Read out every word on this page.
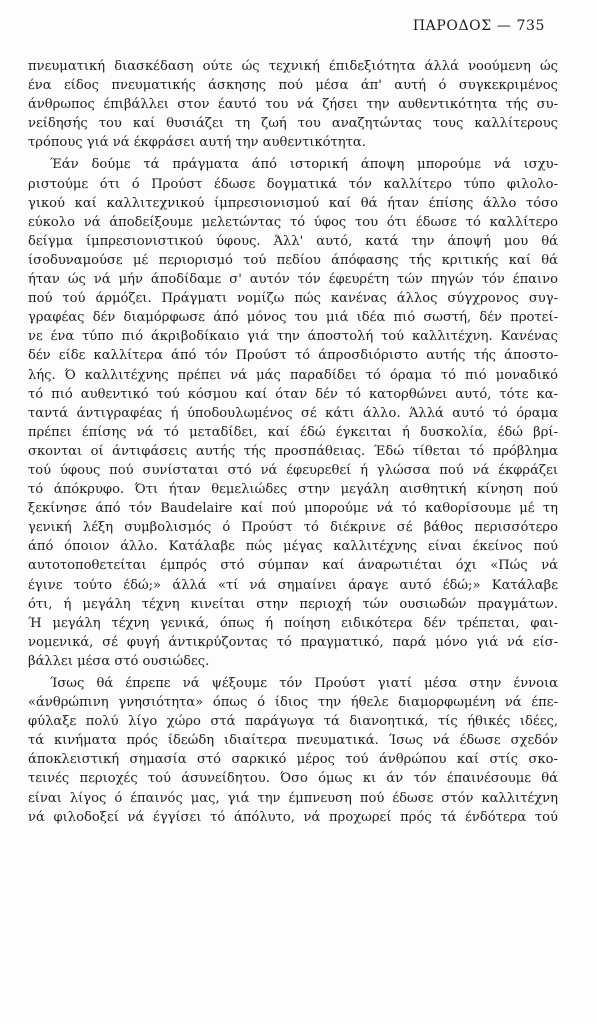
ΠΑΡΟΔΟΣ — 735
πνευματική διασκέδαση ούτε ώς τεχνική έπιδεξιότητα άλλά νοούμενη ώς
ένα είδος πνευματικής άσκησης πού μέσα άπ' αυτή ό συγκεκριμένος
άνθρωπος έπιβάλλει στον έαυτό του νά ζήσει την αυθεντικότητα τής συ-
νείδησής του καί θυσιάζει τη ζωή του αναζητώντας τους καλλίτερους
τρόπους γιά νά έκφράσει αυτή την αυθεντικότητα.
Έάν δούμε τά πράγματα άπό ιστορική άποψη μπορούμε νά ισχυ-
ριστούμε ότι ό Προύστ έδωσε δογματικά τόν καλλίτερο τύπο φιλολο-
γικού καί καλλιτεχνικού ίμπρεσιονισμού καί θά ήταν έπίσης άλλο τόσο
εύκολο νά άποδείξουμε μελετώντας τό ύφος του ότι έδωσε τό καλλίτερο
δείγμα ίμπρεσιονιστικού ύφους. Άλλ' αυτό, κατά την άποψή μου θά
ίσοδυναμούσε μέ περιορισμό τού πεδίου άπόφασης τής κριτικής καί θά
ήταν ώς νά μήν άποδίδαμε σ' αυτόν τόν έφευρέτη τών πηγών τόν έπαινο
πού τού άρμόζει. Πράγματι νομίζω πώς κανένας άλλος σύγχρονος συγ-
γραφέας δέν διαμόρφωσε άπό μόνος του μιά ιδέα πιό σωστή, δέν προτεί-
νε ένα τύπο πιό άκριβοδίκαιο γιά την άποστολή τού καλλιτέχνη. Κανένας
δέν είδε καλλίτερα άπό τόν Προύστ τό άπροσδιόριστο αυτής τής άποστο-
λής. Ό καλλιτέχνης πρέπει νά μάς παραδίδει τό όραμα τό πιό μοναδικό
τό πιό αυθεντικό τού κόσμου καί όταν δέν τό κατορθώνει αυτό, τότε κα-
ταντά άντιγραφέας ή ύποδουλωμένος σέ κάτι άλλο. Άλλά αυτό τό όραμα
πρέπει έπίσης νά τό μεταδίδει, καί έδώ έγκειται ή δυσκολία, έδώ βρί-
σκονται οί άντιφάσεις αυτής τής προσπάθειας. Έδώ τίθεται τό πρόβλημα
τού ύφους πού συνίσταται στό νά έφευρεθεί ή γλώσσα πού νά έκφράζει
τό άπόκρυφο. Ότι ήταν θεμελιώδες στην μεγάλη αισθητική κίνηση πού
ξεκίνησε άπό τόν Baudelaire καί πού μπορούμε νά τό καθορίσουμε μέ τη
γενική λέξη συμβολισμός ό Προύστ τό διέκρινε σέ βάθος περισσότερο
άπό όποιον άλλο. Κατάλαβε πώς μέγας καλλιτέχνης είναι έκείνος πού
αυτοτοποθετείται έμπρός στό σύμπαν καί άναρωτιέται όχι «Πώς νά
έγινε τούτο έδώ;» άλλά «τί νά σημαίνει άραγε αυτό έδώ;» Κατάλαβε
ότι, ή μεγάλη τέχνη κινείται στην περιοχή τών ουσιωδών πραγμάτων.
Ή μεγάλη τέχνη γενικά, όπως ή ποίηση ειδικότερα δέν τρέπεται, φαι-
νομενικά, σέ φυγή άντικρύζοντας τό πραγματικό, παρά μόνο γιά νά είσ-
βάλλει μέσα στό ουσιώδες.
Ίσως θά έπρεπε νά ψέξουμε τόν Προύστ γιατί μέσα στην έννοια
«άνθρώπινη γνησιότητα» όπως ό ίδιος την ήθελε διαμορφωμένη νά έπε-
φύλαξε πολύ λίγο χώρο στά παράγωγα τά διανοητικά, τίς ήθικές ιδέες,
τά κινήματα πρός ίδεώδη ιδιαίτερα πνευματικά. Ίσως νά έδωσε σχεδόν
άποκλειστική σημασία στό σαρκικό μέρος τού άνθρώπου καί στίς σκο-
τεινές περιοχές τού άσυνείδητου. Όσο όμως κι άν τόν έπαινέσουμε θά
είναι λίγος ό έπαινός μας, γιά την έμπνευση πού έδωσε στόν καλλιτέχνη
νά φιλοδοξεί νά έγγίσει τό άπόλυτο, νά προχωρεί πρός τά ένδότερα τού
